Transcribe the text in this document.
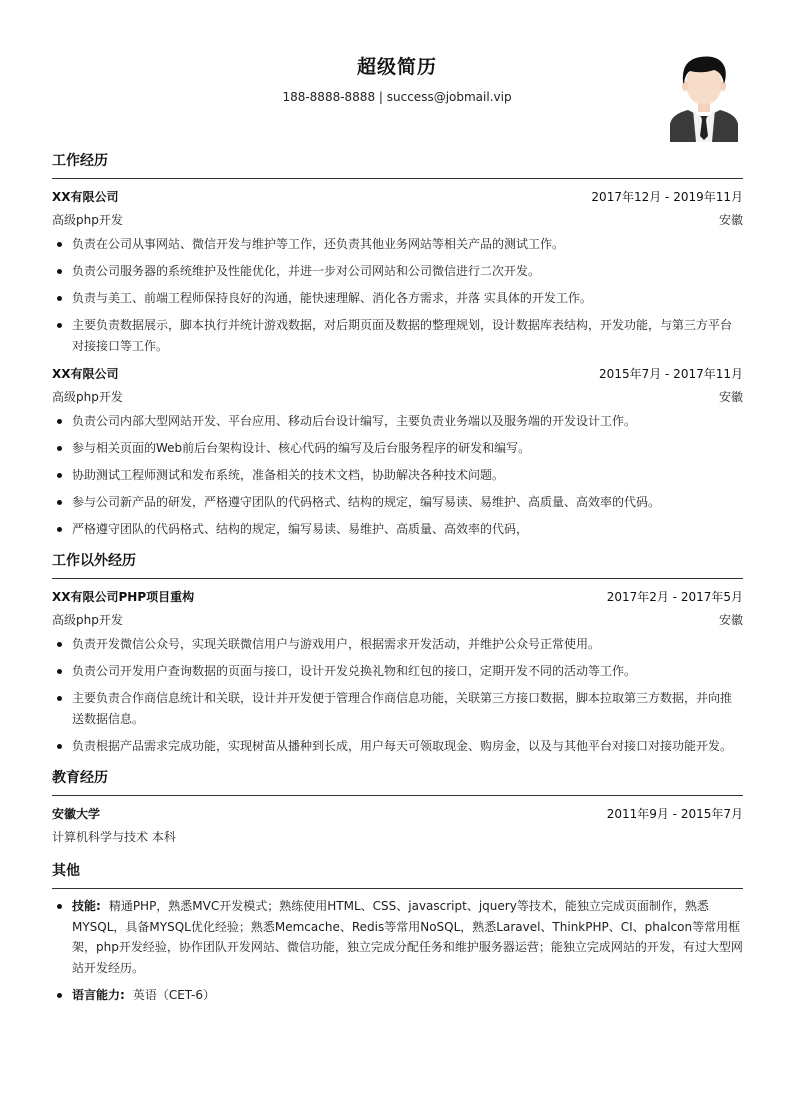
超级简历
188-8888-8888 | success@jobmail.vip
工作经历
XX有限公司	2017年12月 - 2019年11月
高级php开发	安徽
负责在公司从事网站、微信开发与维护等工作，还负责其他业务网站等相关产品的测试工作。
负责公司服务器的系统维护及性能优化，并进一步对公司网站和公司微信进行二次开发。
负责与美工、前端工程师保持良好的沟通，能快速理解、消化各方需求，并落 实具体的开发工作。
主要负责数据展示，脚本执行并统计游戏数据，对后期页面及数据的整理规划，设计数据库表结构，开发功能，与第三方平台对接接口等工作。
XX有限公司	2015年7月 - 2017年11月
高级php开发	安徽
负责公司内部大型网站开发、平台应用、移动后台设计编写，主要负责业务端以及服务端的开发设计工作。
参与相关页面的Web前后台架构设计、核心代码的编写及后台服务程序的研发和编写。
协助测试工程师测试和发布系统，准备相关的技术文档，协助解决各种技术问题。
参与公司新产品的研发，严格遵守团队的代码格式、结构的规定，编写易读、易维护、高质量、高效率的代码。
严格遵守团队的代码格式、结构的规定，编写易读、易维护、高质量、高效率的代码，
工作以外经历
XX有限公司PHP项目重构	2017年2月 - 2017年5月
高级php开发	安徽
负责开发微信公众号，实现关联微信用户与游戏用户，根据需求开发活动，并维护公众号正常使用。
负责公司开发用户查询数据的页面与接口，设计开发兑换礼物和红包的接口，定期开发不同的活动等工作。
主要负责合作商信息统计和关联，设计并开发便于管理合作商信息功能，关联第三方接口数据，脚本拉取第三方数据，并向推送数据信息。
负责根据产品需求完成功能，实现树苗从播种到长成，用户每天可领取现金、购房金，以及与其他平台对接口对接功能开发。
教育经历
安徽大学	2011年9月 - 2015年7月
计算机科学与技术 本科
其他
技能: 精通PHP，熟悉MVC开发模式；熟练使用HTML、CSS、javascript、jquery等技术，能独立完成页面制作，熟悉MYSQL，具备MYSQL优化经验；熟悉Memcache、Redis等常用NoSQL，熟悉Laravel、ThinkPHP、CI、phalcon等常用框架，php开发经验，协作团队开发网站、微信功能，独立完成分配任务和维护服务器运营；能独立完成网站的开发，有过大型网站开发经历。
语言能力: 英语（CET-6）
